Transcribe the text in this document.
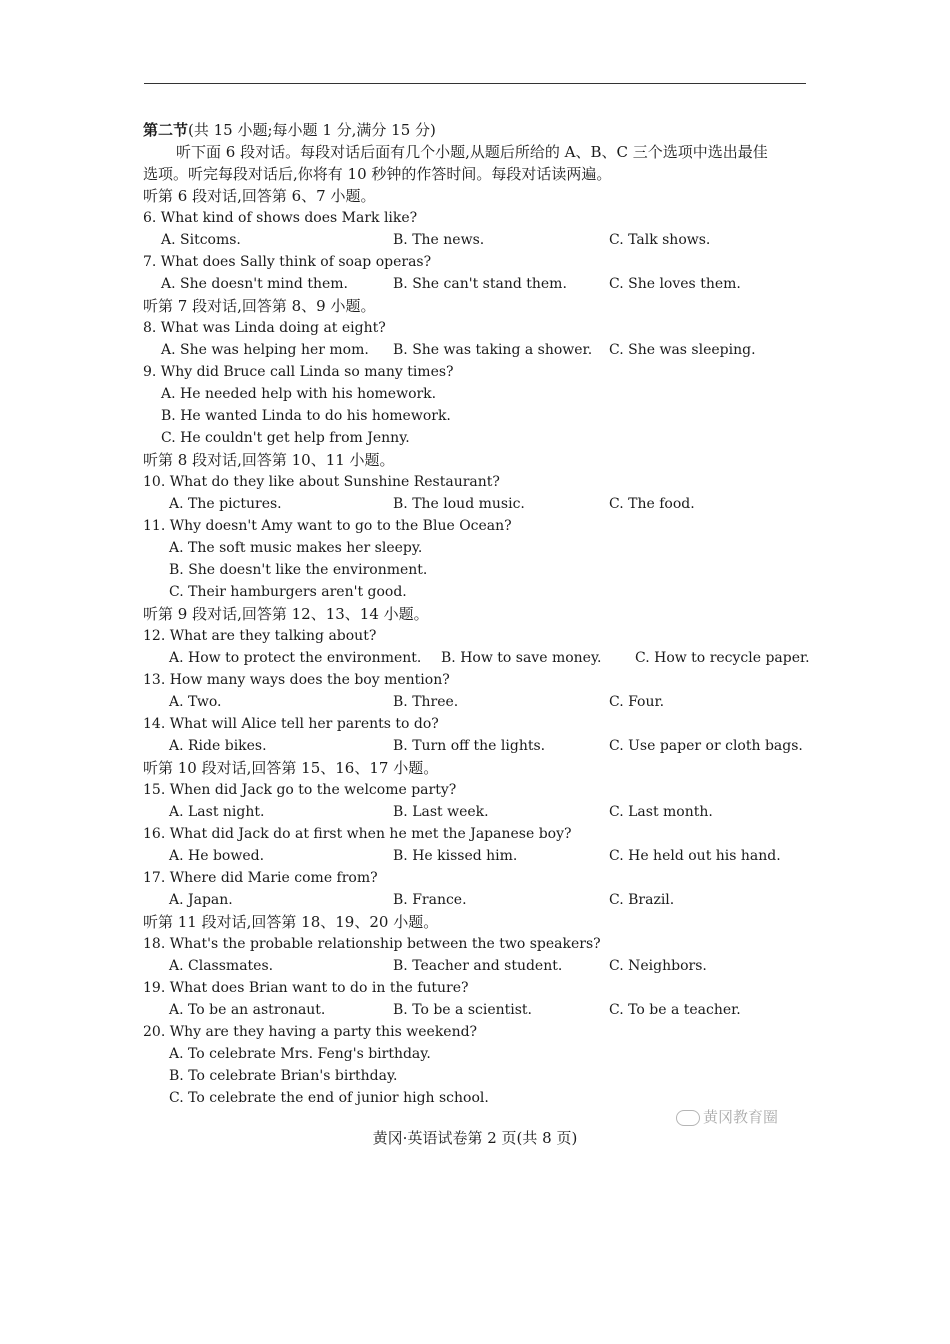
第二节(共 15 小题;每小题 1 分,满分 15 分)
听下面 6 段对话。每段对话后面有几个小题,从题后所给的 A、B、C 三个选项中选出最佳
选项。听完每段对话后,你将有 10 秒钟的作答时间。每段对话读两遍。
听第 6 段对话,回答第 6、7 小题。
6. What kind of shows does Mark like?
A. Sitcoms.	B. The news.	C. Talk shows.
7. What does Sally think of soap operas?
A. She doesn't mind them.	B. She can't stand them.	C. She loves them.
听第 7 段对话,回答第 8、9 小题。
8. What was Linda doing at eight?
A. She was helping her mom. B. She was taking a shower. C. She was sleeping.
9. Why did Bruce call Linda so many times?
A. He needed help with his homework.
B. He wanted Linda to do his homework.
C. He couldn't get help from Jenny.
听第 8 段对话,回答第 10、11 小题。
10. What do they like about Sunshine Restaurant?
A. The pictures.	B. The loud music.	C. The food.
11. Why doesn't Amy want to go to the Blue Ocean?
A. The soft music makes her sleepy.
B. She doesn't like the environment.
C. Their hamburgers aren't good.
听第 9 段对话,回答第 12、13、14 小题。
12. What are they talking about?
A. How to protect the environment. B. How to save money. C. How to recycle paper.
13. How many ways does the boy mention?
A. Two.	B. Three.	C. Four.
14. What will Alice tell her parents to do?
A. Ride bikes.	B. Turn off the lights.	C. Use paper or cloth bags.
听第 10 段对话,回答第 15、16、17 小题。
15. When did Jack go to the welcome party?
A. Last night.	B. Last week.	C. Last month.
16. What did Jack do at first when he met the Japanese boy?
A. He bowed.	B. He kissed him.	C. He held out his hand.
17. Where did Marie come from?
A. Japan.	B. France.	C. Brazil.
听第 11 段对话,回答第 18、19、20 小题。
18. What's the probable relationship between the two speakers?
A. Classmates.	B. Teacher and student.	C. Neighbors.
19. What does Brian want to do in the future?
A. To be an astronaut.	B. To be a scientist.	C. To be a teacher.
20. Why are they having a party this weekend?
A. To celebrate Mrs. Feng's birthday.
B. To celebrate Brian's birthday.
C. To celebrate the end of junior high school.
黄冈教育圈
黄冈·英语试卷第 2 页(共 8 页)
